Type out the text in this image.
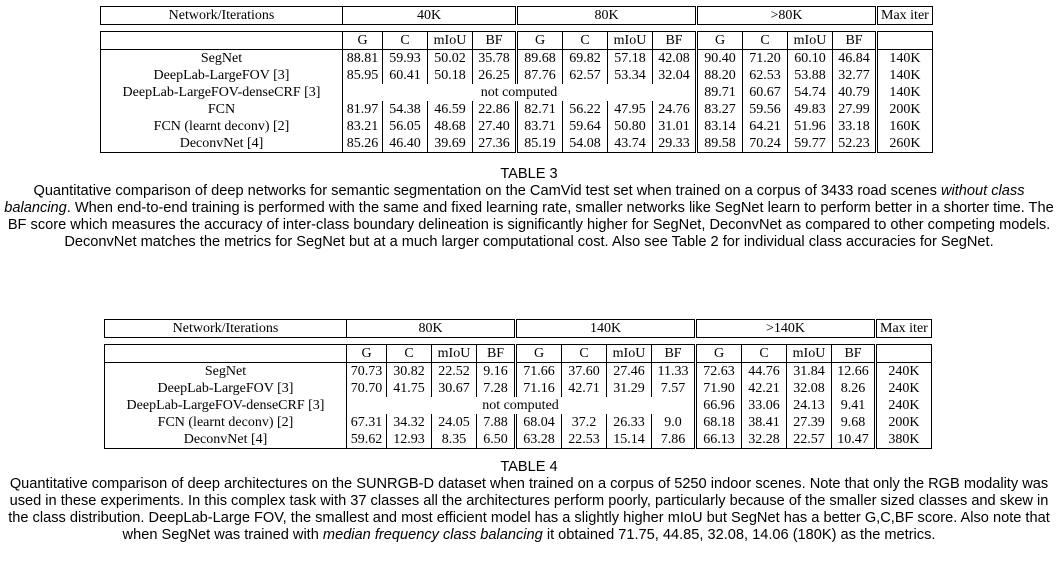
Network/Iterations	40K				80K				>80K				Max iter

	G	C	mIoU	BF	G	C	mIoU	BF	G	C	mIoU	BF	
SegNet	88.81	59.93	50.02	35.78	89.68	69.82	57.18	42.08	90.40	71.20	60.10	46.84	140K
DeepLab-LargeFOV [3]	85.95	60.41	50.18	26.25	87.76	62.57	53.34	32.04	88.20	62.53	53.88	32.77	140K
DeepLab-LargeFOV-denseCRF [3]	not computed								89.71	60.67	54.74	40.79	140K
FCN	81.97	54.38	46.59	22.86	82.71	56.22	47.95	24.76	83.27	59.56	49.83	27.99	200K
FCN (learnt deconv) [2]	83.21	56.05	48.68	27.40	83.71	59.64	50.80	31.01	83.14	64.21	51.96	33.18	160K
DeconvNet [4]	85.26	46.40	39.69	27.36	85.19	54.08	43.74	29.33	89.58	70.24	59.77	52.23	260K
TABLE 3
Quantitative comparison of deep networks for semantic segmentation on the CamVid test set when trained on a corpus of 3433 road scenes without class balancing. When end-to-end training is performed with the same and fixed learning rate, smaller networks like SegNet learn to perform better in a shorter time. The BF score which measures the accuracy of inter-class boundary delineation is significantly higher for SegNet, DeconvNet as compared to other competing models. DeconvNet matches the metrics for SegNet but at a much larger computational cost. Also see Table 2 for individual class accuracies for SegNet.
Network/Iterations	80K				140K				>140K				Max iter

	G	C	mIoU	BF	G	C	mIoU	BF	G	C	mIoU	BF	
SegNet	70.73	30.82	22.52	9.16	71.66	37.60	27.46	11.33	72.63	44.76	31.84	12.66	240K
DeepLab-LargeFOV [3]	70.70	41.75	30.67	7.28	71.16	42.71	31.29	7.57	71.90	42.21	32.08	8.26	240K
DeepLab-LargeFOV-denseCRF [3]	not computed								66.96	33.06	24.13	9.41	240K
FCN (learnt deconv) [2]	67.31	34.32	24.05	7.88	68.04	37.2	26.33	9.0	68.18	38.41	27.39	9.68	200K
DeconvNet [4]	59.62	12.93	8.35	6.50	63.28	22.53	15.14	7.86	66.13	32.28	22.57	10.47	380K
TABLE 4
Quantitative comparison of deep architectures on the SUNRGB-D dataset when trained on a corpus of 5250 indoor scenes. Note that only the RGB modality was used in these experiments. In this complex task with 37 classes all the architectures perform poorly, particularly because of the smaller sized classes and skew in the class distribution. DeepLab-Large FOV, the smallest and most efficient model has a slightly higher mIoU but SegNet has a better G,C,BF score. Also note that when SegNet was trained with median frequency class balancing it obtained 71.75, 44.85, 32.08, 14.06 (180K) as the metrics.
